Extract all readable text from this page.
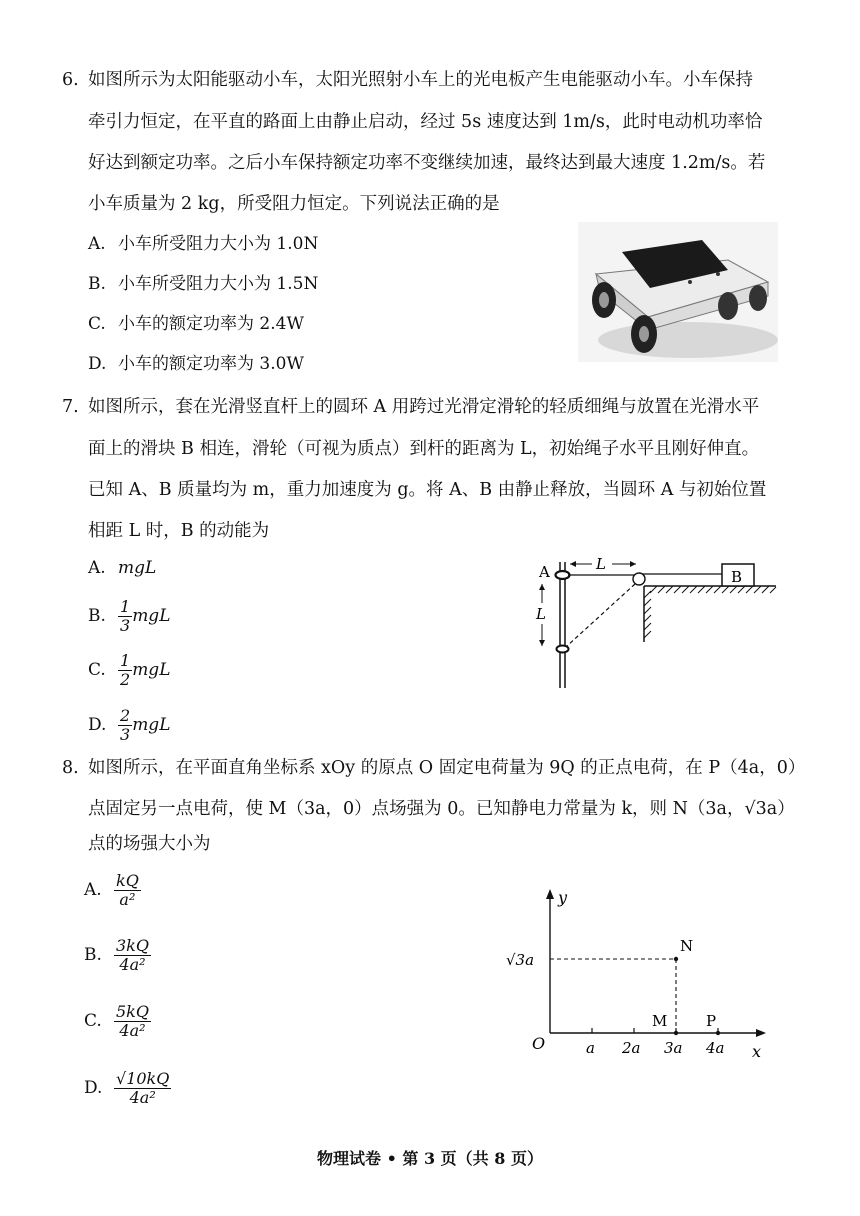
6. 如图所示为太阳能驱动小车，太阳光照射小车上的光电板产生电能驱动小车。小车保持
牵引力恒定，在平直的路面上由静止启动，经过 5s 速度达到 1m/s，此时电动机功率恰
好达到额定功率。之后小车保持额定功率不变继续加速，最终达到最大速度 1.2m/s。若
小车质量为 2 kg，所受阻力恒定。下列说法正确的是
A. 小车所受阻力大小为 1.0N
B. 小车所受阻力大小为 1.5N
C. 小车的额定功率为 2.4W
D. 小车的额定功率为 3.0W
7. 如图所示，套在光滑竖直杆上的圆环 A 用跨过光滑定滑轮的轻质细绳与放置在光滑水平
面上的滑块 B 相连，滑轮（可视为质点）到杆的距离为 L，初始绳子水平且刚好伸直。
已知 A、B 质量均为 m，重力加速度为 g。将 A、B 由静止释放，当圆环 A 与初始位置
相距 L 时，B 的动能为
A. mgL
B. $\frac{1}{3}$ mgL
C. $\frac{1}{2}$ mgL
D. $\frac{2}{3}$ mgL
B
A	L
L
8. 如图所示，在平面直角坐标系 xOy 的原点 O 固定电荷量为 9Q 的正点电荷，在 P（4a，0）
点固定另一点电荷，使 M（3a，0）点场强为 0。已知静电力常量为 k，则 N（3a，√3a）
点的场强大小为
A. $\frac{kQ}{\text{a²}}$
B. $\frac{3kQ}{\text{4a²}}$
C. $\frac{5kQ}{\text{4a²}}$
D. $\frac{√10kQ}{\text{4a²}}$
y
x
O	a 2a 3a 4a
√3a
N
M	P
物理试卷 • 第 3 页（共 8 页）
